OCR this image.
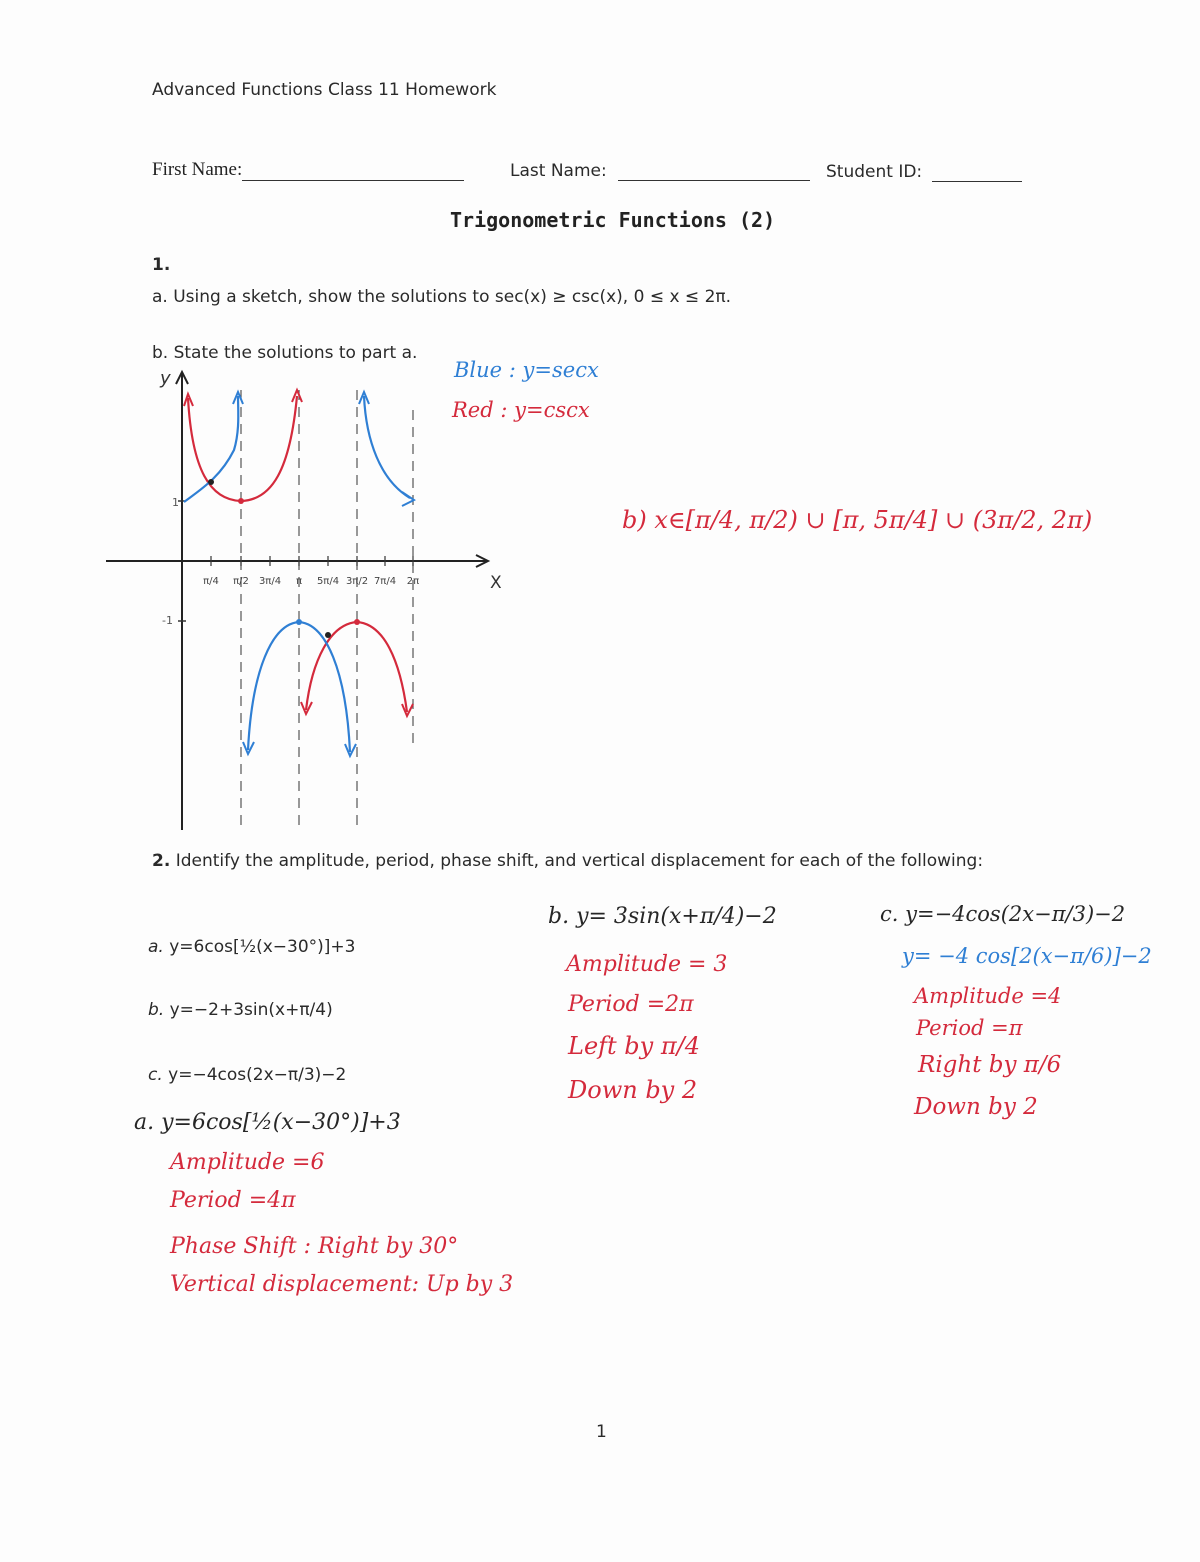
Advanced Functions Class 11 Homework
First Name:	Last Name:	Student ID:
Trigonometric Functions (2)
1.
a. Using a sketch, show the solutions to sec(x) ≥ csc(x), 0 ≤ x ≤ 2π.
b. State the solutions to part a.
Blue : y=secx
Red : y=cscx
b) x∈[π/4, π/2) ∪ [π, 5π/4] ∪ (3π/2, 2π)
y
X
1
-1
π/4 π/2 3π/4 π 5π/4 3π/2 7π/4 2π
2. Identify the amplitude, period, phase shift, and vertical displacement for each of the following:
a. y=6cos[½(x−30°)]+3
b. y=−2+3sin(x+π/4)
c. y=−4cos(2x−π/3)−2
a. y=6cos[½(x−30°)]+3
Amplitude =6
Period =4π
Phase Shift : Right by 30°
Vertical displacement: Up by 3
b. y= 3sin(x+π/4)−2
Amplitude = 3
Period =2π
Left by π/4
Down by 2
c. y=−4cos(2x−π/3)−2
y= −4 cos[2(x−π/6)]−2
Amplitude =4
Period =π
Right by π/6
Down by 2
1
